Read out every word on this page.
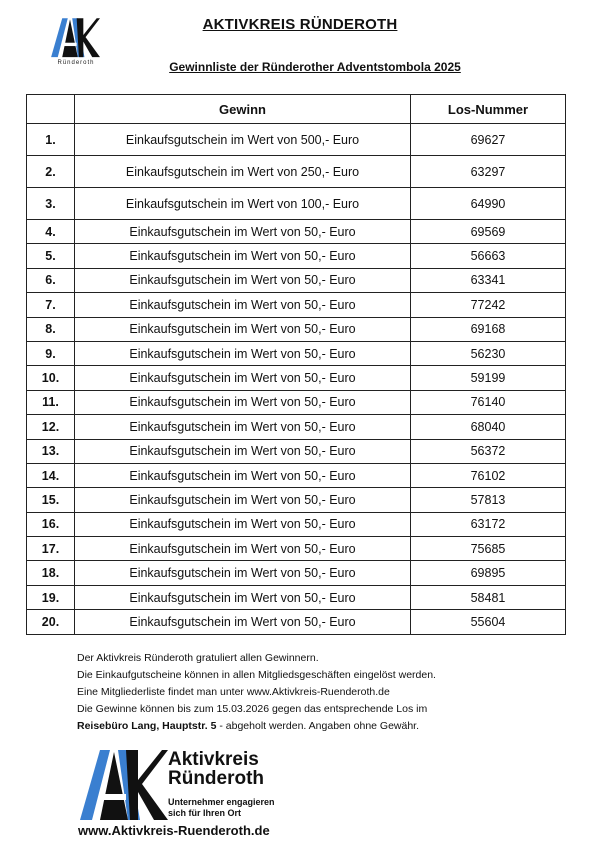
Ründeroth
AKTIVKREIS RÜNDEROTH
Gewinnliste der Ründerother Adventstombola 2025
	Gewinn	Los-Nummer
1.	Einkaufsgutschein im Wert von 500,- Euro	69627
2.	Einkaufsgutschein im Wert von 250,- Euro	63297
3.	Einkaufsgutschein im Wert von 100,- Euro	64990
4.	Einkaufsgutschein im Wert von 50,- Euro	69569
5.	Einkaufsgutschein im Wert von 50,- Euro	56663
6.	Einkaufsgutschein im Wert von 50,- Euro	63341
7.	Einkaufsgutschein im Wert von 50,- Euro	77242
8.	Einkaufsgutschein im Wert von 50,- Euro	69168
9.	Einkaufsgutschein im Wert von 50,- Euro	56230
10.	Einkaufsgutschein im Wert von 50,- Euro	59199
11.	Einkaufsgutschein im Wert von 50,- Euro	76140
12.	Einkaufsgutschein im Wert von 50,- Euro	68040
13.	Einkaufsgutschein im Wert von 50,- Euro	56372
14.	Einkaufsgutschein im Wert von 50,- Euro	76102
15.	Einkaufsgutschein im Wert von 50,- Euro	57813
16.	Einkaufsgutschein im Wert von 50,- Euro	63172
17.	Einkaufsgutschein im Wert von 50,- Euro	75685
18.	Einkaufsgutschein im Wert von 50,- Euro	69895
19.	Einkaufsgutschein im Wert von 50,- Euro	58481
20.	Einkaufsgutschein im Wert von 50,- Euro	55604
Der Aktivkreis Ründeroth gratuliert allen Gewinnern.
Die Einkaufgutscheine können in allen Mitgliedsgeschäften eingelöst werden.
Eine Mitgliederliste findet man unter www.Aktivkreis-Ruenderoth.de
Die Gewinne können bis zum 15.03.2026 gegen das entsprechende Los im
Reisebüro Lang, Hauptstr. 5 - abgeholt werden. Angaben ohne Gewähr.
Aktivkreis
Ründeroth
Unternehmer engagieren
sich für Ihren Ort
www.Aktivkreis-Ruenderoth.de
